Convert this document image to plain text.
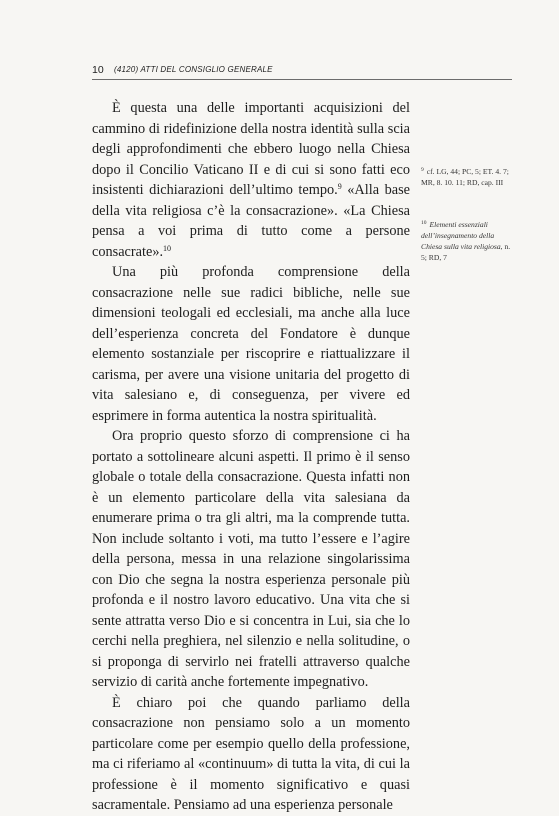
10 (4120) ATTI DEL CONSIGLIO GENERALE

È questa una delle importanti acquisizioni del cammino di ridefinizione della nostra identità sulla scia degli approfondimenti che ebbero luogo nella Chiesa dopo il Concilio Vaticano II e di cui si sono fatti eco insistenti dichiarazioni dell’ultimo tempo.$^9$ «Alla base della vita religiosa c’è la consacrazione». «La Chiesa pensa a voi prima di tutto come a persone consacrate».$^{10}$

Una più profonda comprensione della consacrazione nelle sue radici bibliche, nelle sue dimensioni teologali ed ecclesiali, ma anche alla luce dell’esperienza concreta del Fondatore è dunque elemento sostanziale per riscoprire e riattualizzare il carisma, per avere una visione unitaria del progetto di vita salesiano e, di conseguenza, per vivere ed esprimere in forma autentica la nostra spiritualità.

Ora proprio questo sforzo di comprensione ci ha portato a sottolineare alcuni aspetti. Il primo è il senso globale o totale della consacrazione. Questa infatti non è un elemento particolare della vita salesiana da enumerare prima o tra gli altri, ma la comprende tutta. Non include soltanto i voti, ma tutto l’essere e l’agire della persona, messa in una relazione singolarissima con Dio che segna la nostra esperienza personale più profonda e il nostro lavoro educativo. Una vita che si sente attratta verso Dio e si concentra in Lui, sia che lo cerchi nella preghiera, nel silenzio e nella solitudine, o si proponga di servirlo nei fratelli attraverso qualche servizio di carità anche fortemente impegnativo.

È chiaro poi che quando parliamo della consacrazione non pensiamo solo a un momento particolare come per esempio quello della professione, ma ci riferiamo al «continuum» di tutta la vita, di cui la professione è il momento significativo e quasi sacramentale. Pensiamo ad una esperienza personale

$^9$ cf. LG, 44; PC, 5; ET. 4. 7; MR, 8. 10. 11; RD, cap. III
$^{10}$ Elementi essenziali dell’insegnamento della Chiesa sulla vita religiosa, n. 5; RD, 7
